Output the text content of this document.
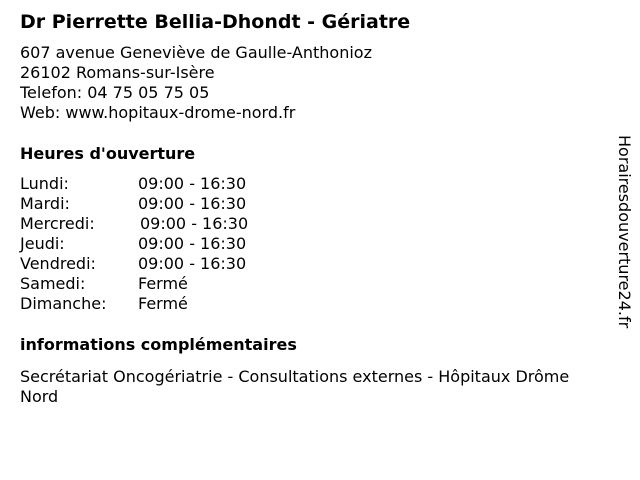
Dr Pierrette Bellia-Dhondt - Gériatre
607 avenue Geneviève de Gaulle-Anthonioz
26102 Romans-sur-Isère
Telefon: 04 75 05 75 05
Web: www.hopitaux-drome-nord.fr
Heures d'ouverture
Lundi:	09:00 - 16:30
Mardi:	09:00 - 16:30
Mercredi:	09:00 - 16:30
Jeudi:	09:00 - 16:30
Vendredi:	09:00 - 16:30
Samedi:	Fermé
Dimanche:	Fermé
informations complémentaires
Secrétariat Oncogériatrie - Consultations externes - Hôpitaux Drôme Nord
Horairesdouverture24.fr
